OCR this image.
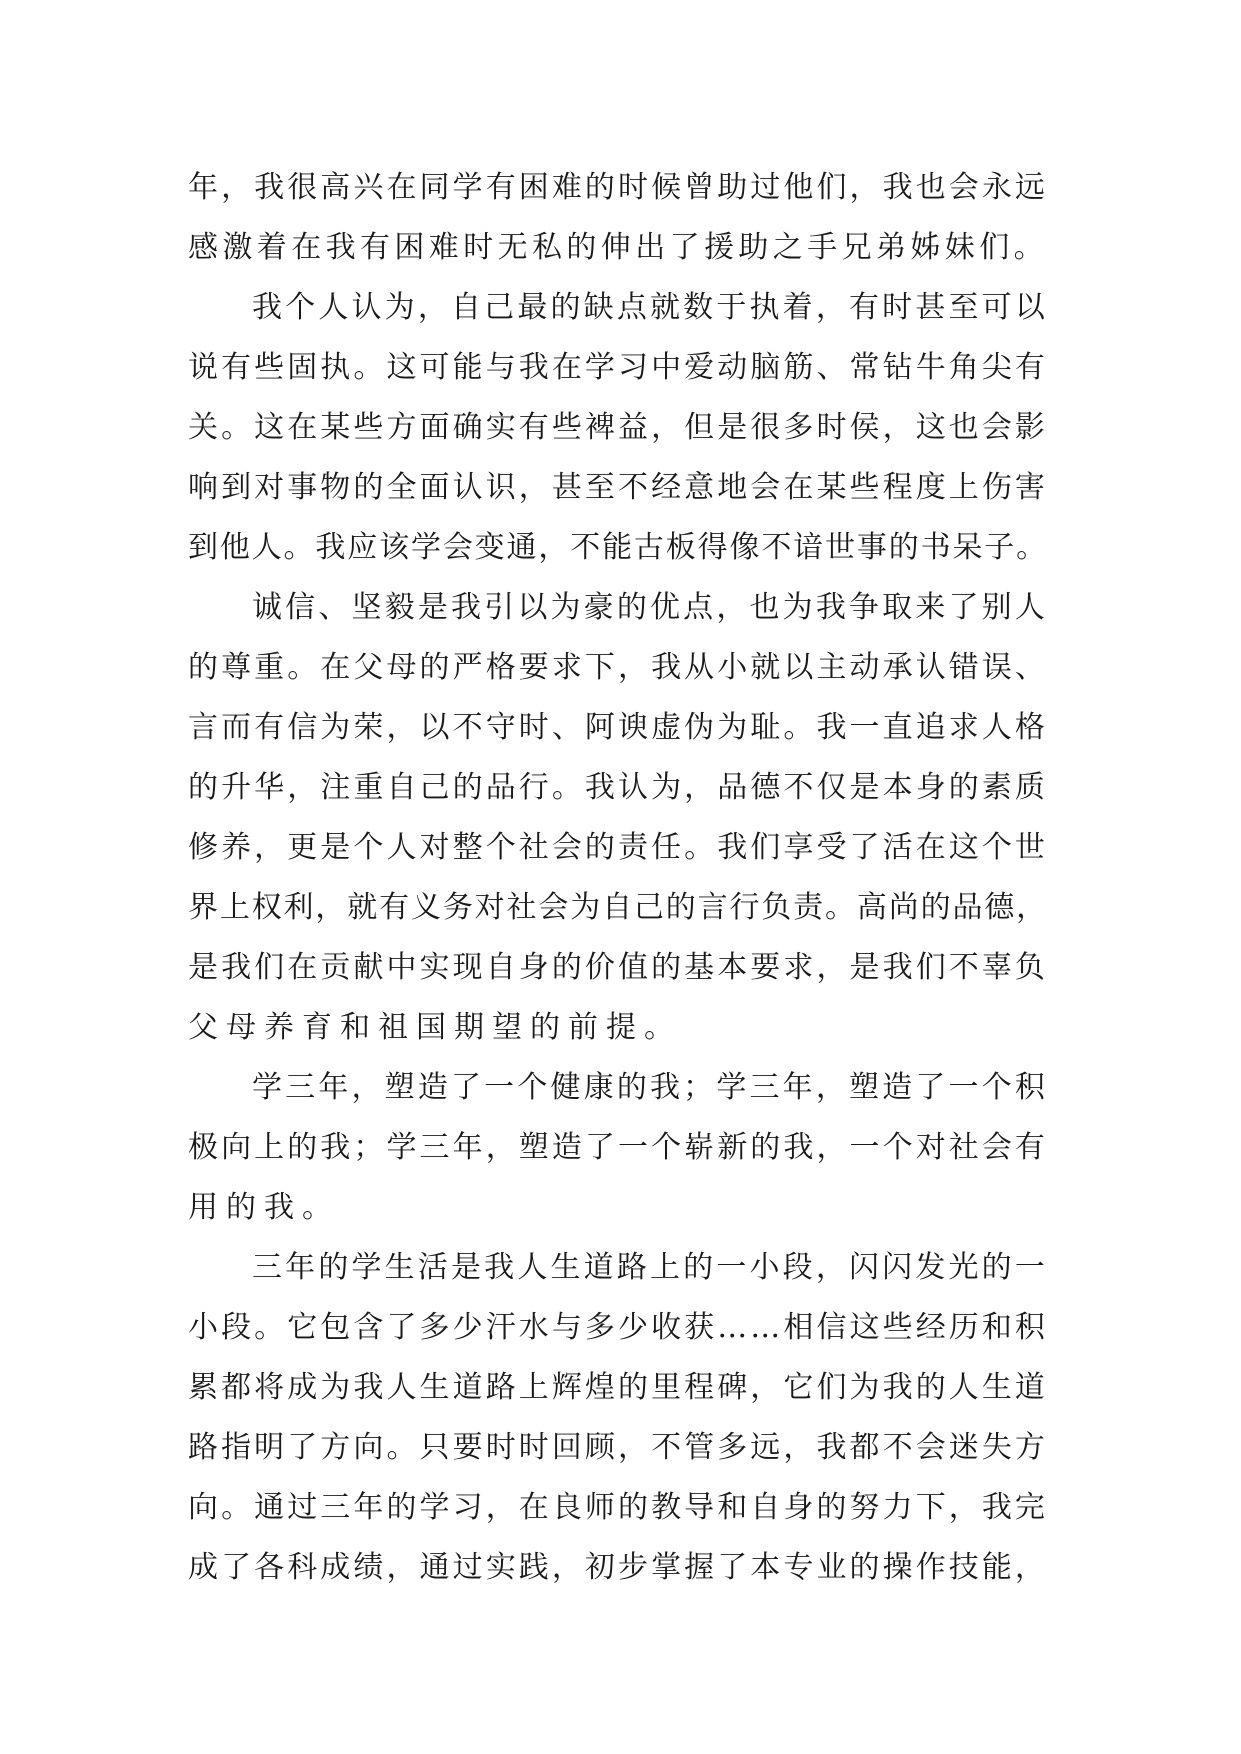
年，我很高兴在同学有困难的时候曾助过他们，我也会永远
感激着在我有困难时无私的伸出了援助之手兄弟姊妹们。
我个人认为，自己最的缺点就数于执着，有时甚至可以
说有些固执。这可能与我在学习中爱动脑筋、常钻牛角尖有
关。这在某些方面确实有些裨益，但是很多时侯，这也会影
响到对事物的全面认识，甚至不经意地会在某些程度上伤害
到他人。我应该学会变通，不能古板得像不谙世事的书呆子。
诚信、坚毅是我引以为豪的优点，也为我争取来了别人
的尊重。在父母的严格要求下，我从小就以主动承认错误、
言而有信为荣，以不守时、阿谀虚伪为耻。我一直追求人格
的升华，注重自己的品行。我认为，品德不仅是本身的素质
修养，更是个人对整个社会的责任。我们享受了活在这个世
界上权利，就有义务对社会为自己的言行负责。高尚的品德，
是我们在贡献中实现自身的价值的基本要求，是我们不辜负
父母养育和祖国期望的前提。
学三年，塑造了一个健康的我；学三年，塑造了一个积
极向上的我；学三年，塑造了一个崭新的我，一个对社会有
用的我。
三年的学生活是我人生道路上的一小段，闪闪发光的一
小段。它包含了多少汗水与多少收获……相信这些经历和积
累都将成为我人生道路上辉煌的里程碑，它们为我的人生道
路指明了方向。只要时时回顾，不管多远，我都不会迷失方
向。通过三年的学习，在良师的教导和自身的努力下，我完
成了各科成绩，通过实践，初步掌握了本专业的操作技能，
